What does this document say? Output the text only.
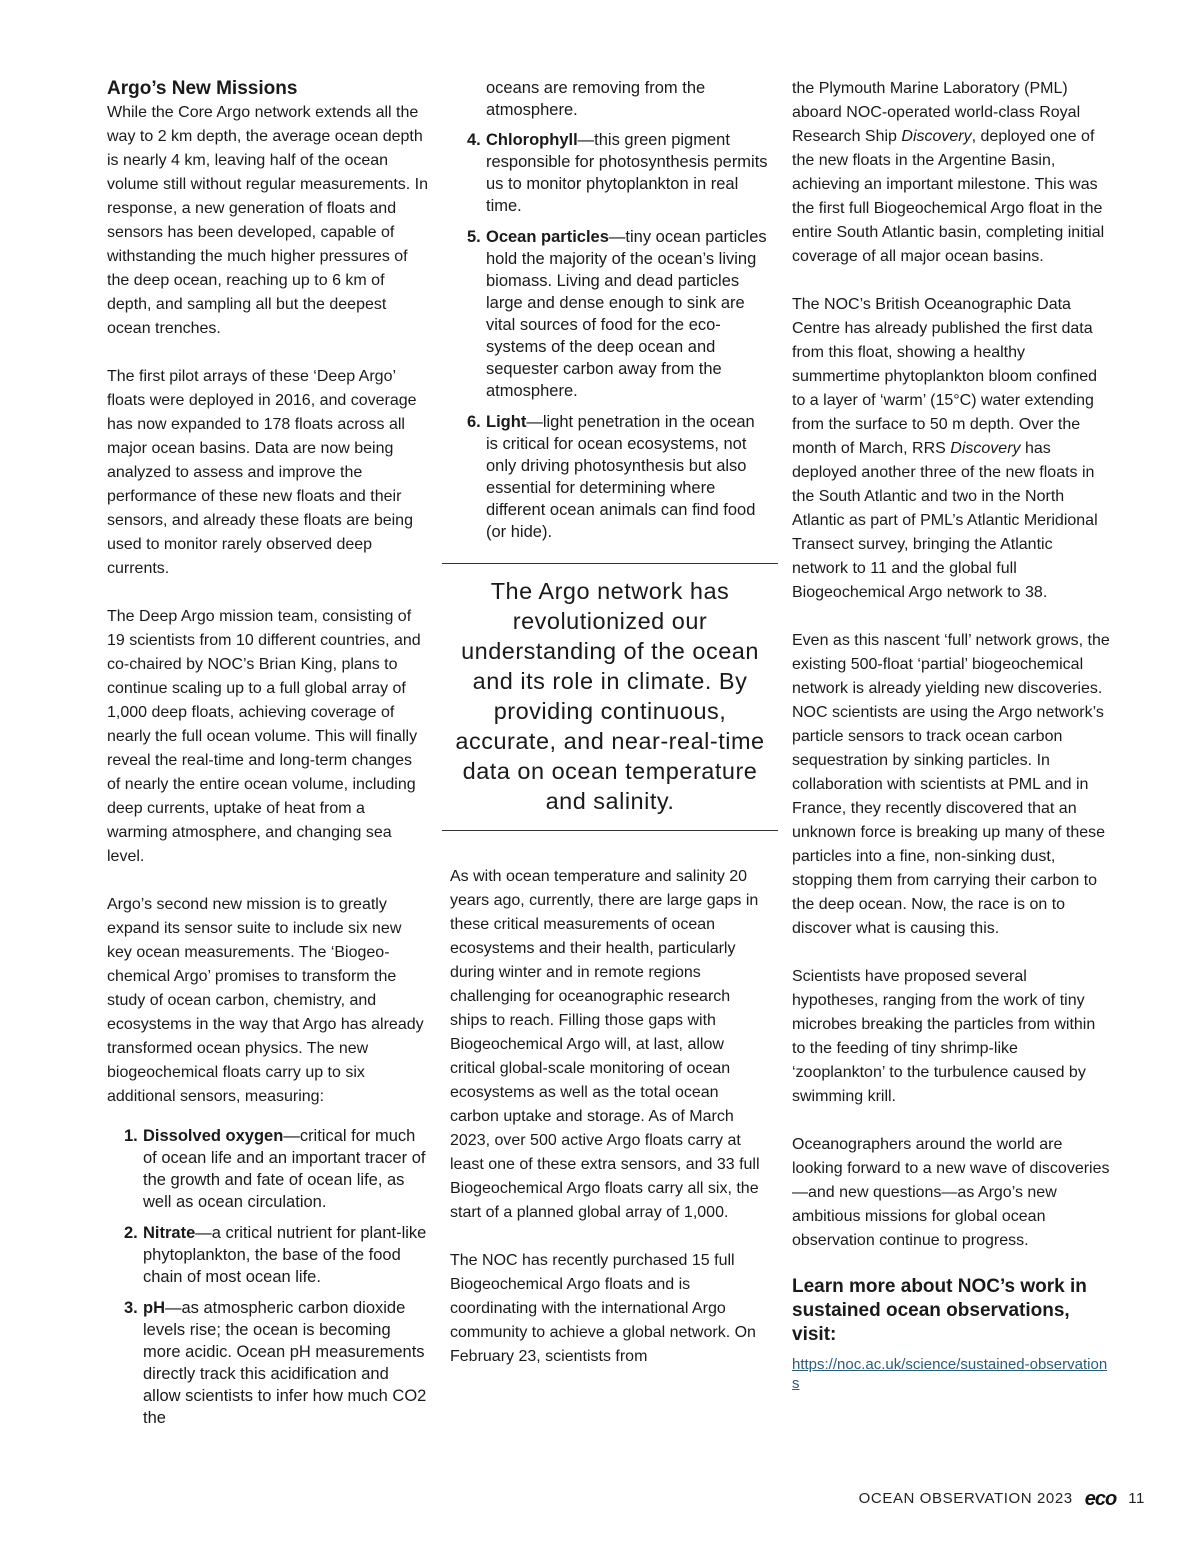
Argo’s New Missions

While the Core Argo network extends all the way to 2 km depth, the average ocean depth is nearly 4 km, leaving half of the ocean volume still without regular measurements. In response, a new generation of floats and sensors has been developed, capable of withstanding the much higher pressures of the deep ocean, reaching up to 6 km of depth, and sampling all but the deepest ocean trenches.

The first pilot arrays of these ‘Deep Argo’ floats were deployed in 2016, and coverage has now expanded to 178 floats across all major ocean basins. Data are now being analyzed to assess and improve the performance of these new floats and their sensors, and already these floats are being used to monitor rarely observed deep currents.

The Deep Argo mission team, consisting of 19 scientists from 10 different countries, and co-chaired by NOC’s Brian King, plans to continue scaling up to a full global array of 1,000 deep floats, achieving coverage of nearly the full ocean volume. This will finally reveal the real-time and long-term changes of nearly the entire ocean volume, including deep currents, uptake of heat from a warming atmosphere, and changing sea level.

Argo’s second new mission is to greatly expand its sensor suite to include six new key ocean measurements. The ‘Biogeochemical Argo’ promises to transform the study of ocean carbon, chemistry, and ecosystems in the way that Argo has already transformed ocean physics. The new biogeochemical floats carry up to six additional sensors, measuring:

1. Dissolved oxygen—critical for much of ocean life and an important tracer of the growth and fate of ocean life, as well as ocean circulation.
2. Nitrate—a critical nutrient for plant-like phytoplankton, the base of the food chain of most ocean life.
3. pH—as atmospheric carbon dioxide levels rise; the ocean is becoming more acidic. Ocean pH measurements directly track this acidification and allow scientists to infer how much CO2 the
oceans are removing from the atmosphere.
4. Chlorophyll—this green pigment responsible for photosynthesis permits us to monitor phytoplankton in real time.
5. Ocean particles—tiny ocean particles hold the majority of the ocean’s living biomass. Living and dead particles large and dense enough to sink are vital sources of food for the ecosystems of the deep ocean and sequester carbon away from the atmosphere.
6. Light—light penetration in the ocean is critical for ocean ecosystems, not only driving photosynthesis but also essential for determining where different ocean animals can find food (or hide).
The Argo network has revolutionized our understanding of the ocean and its role in climate. By providing continuous, accurate, and near-real-time data on ocean temperature and salinity.

As with ocean temperature and salinity 20 years ago, currently, there are large gaps in these critical measurements of ocean ecosystems and their health, particularly during winter and in remote regions challenging for oceanographic research ships to reach. Filling those gaps with Biogeochemical Argo will, at last, allow critical global-scale monitoring of ocean ecosystems as well as the total ocean carbon uptake and storage. As of March 2023, over 500 active Argo floats carry at least one of these extra sensors, and 33 full Biogeochemical Argo floats carry all six, the start of a planned global array of 1,000.

The NOC has recently purchased 15 full Biogeochemical Argo floats and is coordinating with the international Argo community to achieve a global network. On February 23, scientists from

the Plymouth Marine Laboratory (PML) aboard NOC-operated world-class Royal Research Ship Discovery, deployed one of the new floats in the Argentine Basin, achieving an important milestone. This was the first full Biogeochemical Argo float in the entire South Atlantic basin, completing initial coverage of all major ocean basins.

The NOC’s British Oceanographic Data Centre has already published the first data from this float, showing a healthy summertime phytoplankton bloom confined to a layer of ‘warm’ (15°C) water extending from the surface to 50 m depth. Over the month of March, RRS Discovery has deployed another three of the new floats in the South Atlantic and two in the North Atlantic as part of PML’s Atlantic Meridional Transect survey, bringing the Atlantic network to 11 and the global full Biogeochemical Argo network to 38.

Even as this nascent ‘full’ network grows, the existing 500-float ‘partial’ biogeochemical network is already yielding new discoveries. NOC scientists are using the Argo network’s particle sensors to track ocean carbon sequestration by sinking particles. In collaboration with scientists at PML and in France, they recently discovered that an unknown force is breaking up many of these particles into a fine, non-sinking dust, stopping them from carrying their carbon to the deep ocean. Now, the race is on to discover what is causing this.

Scientists have proposed several hypotheses, ranging from the work of tiny microbes breaking the particles from within to the feeding of tiny shrimp-like ‘zooplankton’ to the turbulence caused by swimming krill.

Oceanographers around the world are looking forward to a new wave of discoveries—and new questions—as Argo’s new ambitious missions for global ocean observation continue to progress.

Learn more about NOC’s work in sustained ocean observations, visit:
https://noc.ac.uk/science/sustained-observations
OCEAN OBSERVATION 2023 eco 11
